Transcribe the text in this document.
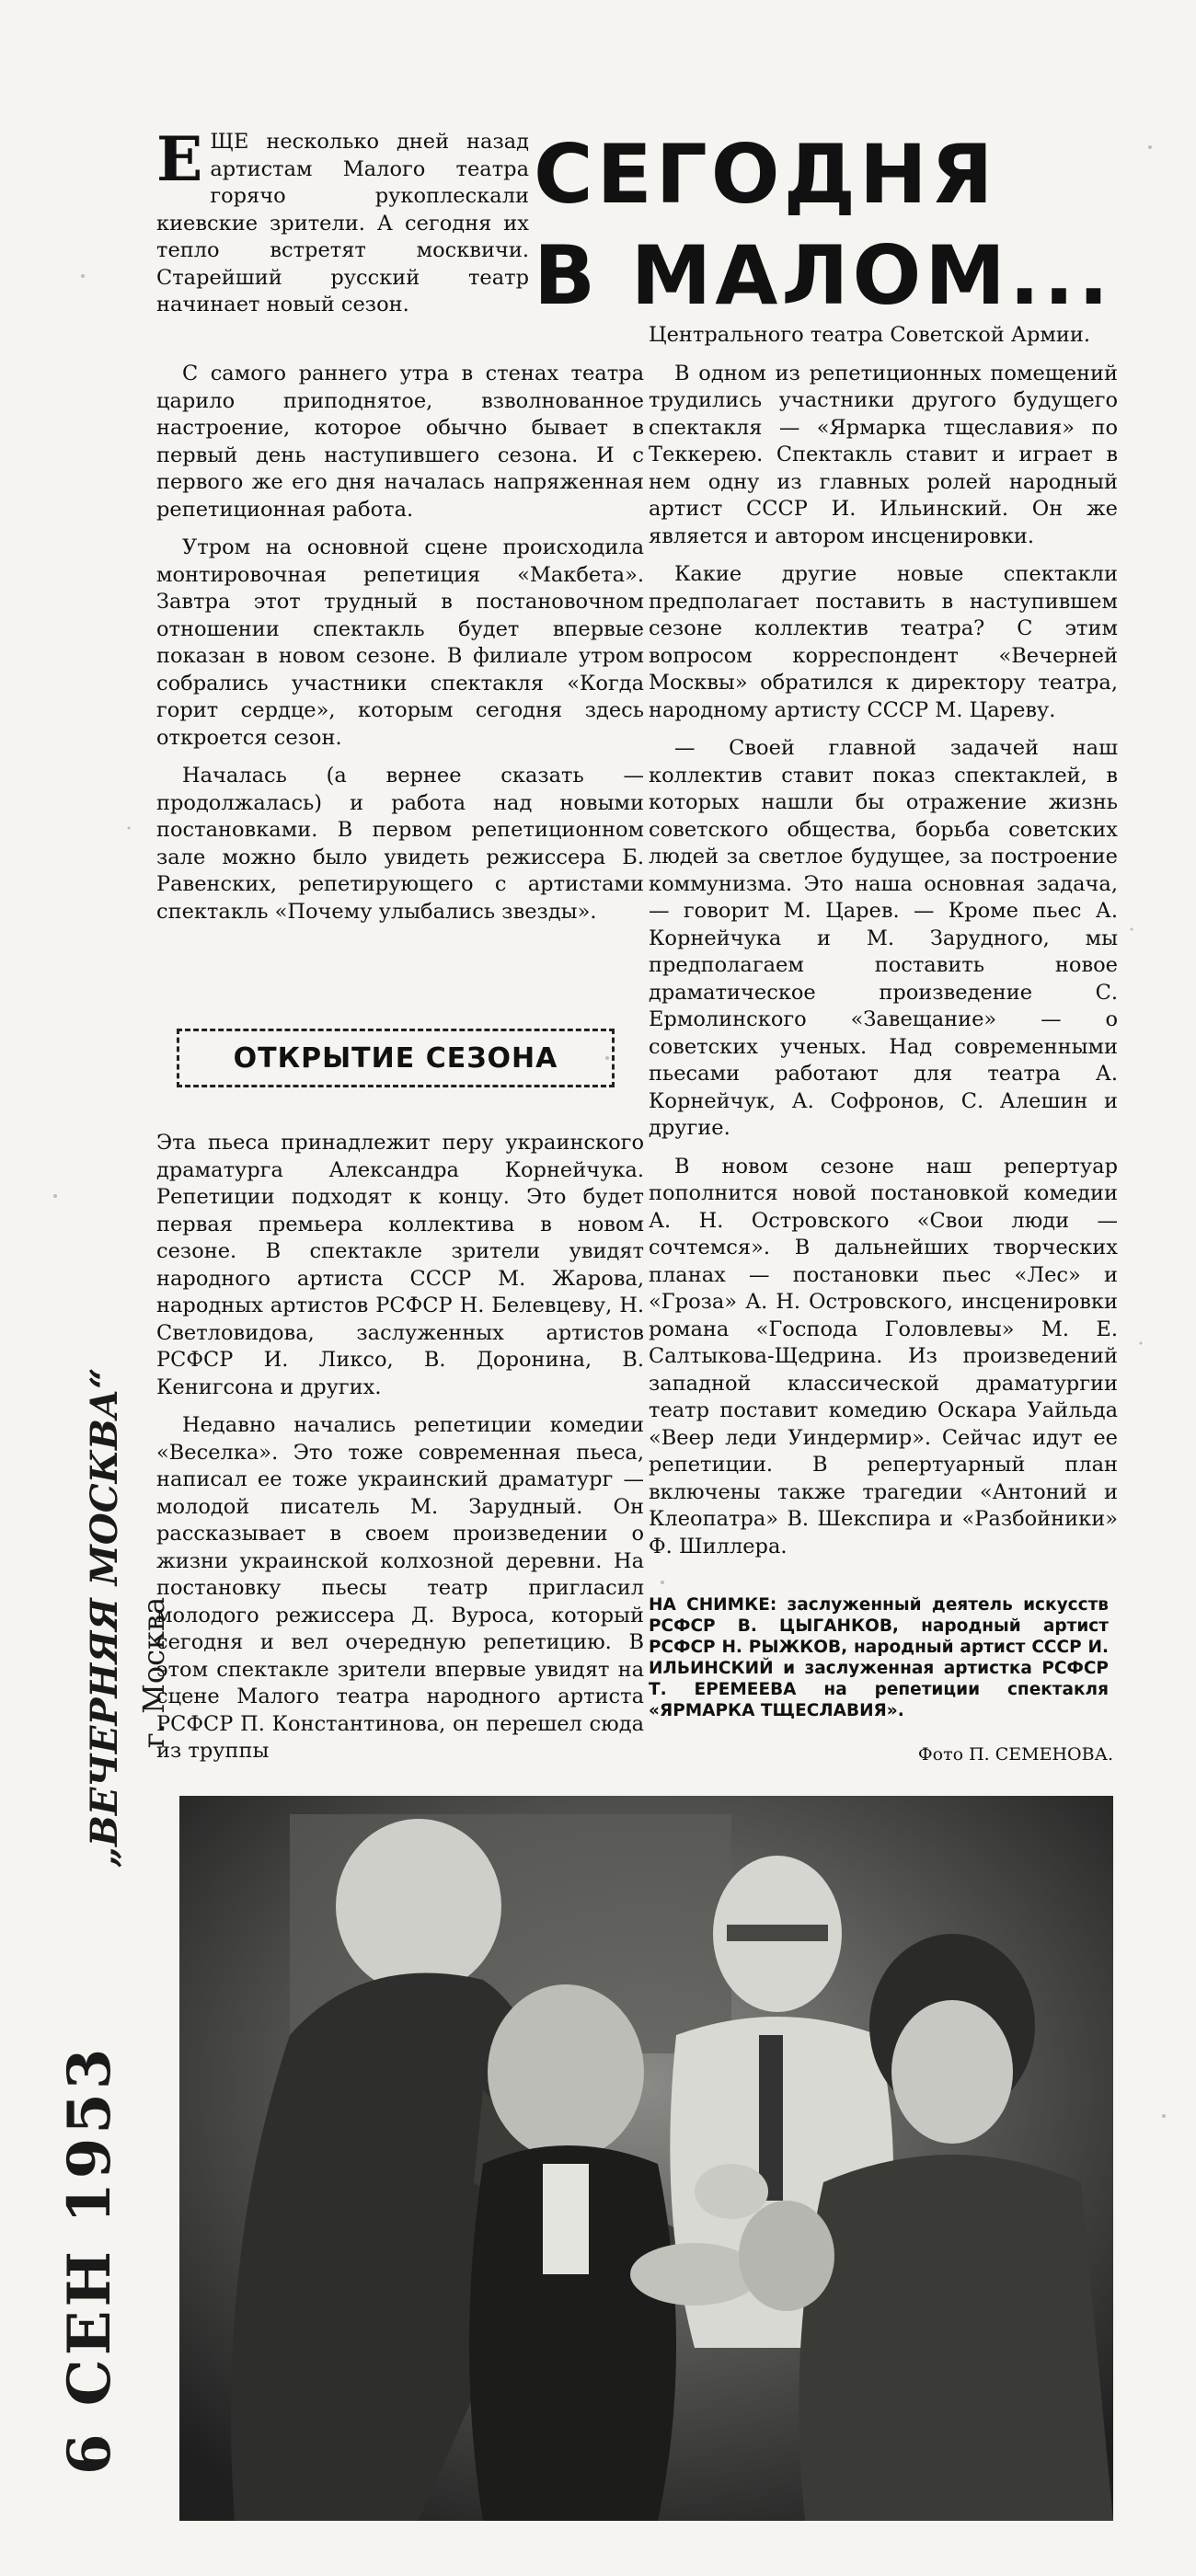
6 СЕН 1953
„ВЕЧЕРНЯЯ МОСКВА“ г. Москва
СЕГОДНЯ
В МАЛОМ...

ЕЩЕ несколько дней назад артистам Малого театра горячо рукоплескали киевские зрители. А сегодня их тепло встретят москвичи. Старейший русский театр начинает новый сезон.

С самого раннего утра в стенах театра царило приподнятое, взволнованное настроение, которое обычно бывает в первый день наступившего сезона. И с первого же его дня началась напряженная репетиционная работа.

Утром на основной сцене происходила монтировочная репетиция «Макбета». Завтра этот трудный в постановочном отношении спектакль будет впервые показан в новом сезоне. В филиале утром собрались участники спектакля «Когда горит сердце», которым сегодня здесь откроется сезон.

Началась (а вернее сказать — продолжалась) и работа над новыми постановками. В первом репетиционном зале можно было увидеть режиссера Б. Равенских, репетирующего с артистами спектакль «Почему улыбались звезды».

ОТКРЫТИЕ СЕЗОНА

Эта пьеса принадлежит перу украинского драматурга Александра Корнейчука. Репетиции подходят к концу. Это будет первая премьера коллектива в новом сезоне. В спектакле зрители увидят народного артиста СССР М. Жарова, народных артистов РСФСР Н. Белевцеву, Н. Светловидова, заслуженных артистов РСФСР И. Ликсо, В. Доронина, В. Кенигсона и других.

Недавно начались репетиции комедии «Веселка». Это тоже современная пьеса, написал ее тоже украинский драматург — молодой писатель М. Зарудный. Он рассказывает в своем произведении о жизни украинской колхозной деревни. На постановку пьесы театр пригласил молодого режиссера Д. Вуроса, который сегодня и вел очередную репетицию. В этом спектакле зрители впервые увидят на сцене Малого театра народного артиста РСФСР П. Константинова, он перешел сюда из труппы

Центрального театра Советской Армии.

В одном из репетиционных помещений трудились участники другого будущего спектакля — «Ярмарка тщеславия» по Теккерею. Спектакль ставит и играет в нем одну из главных ролей народный артист СССР И. Ильинский. Он же является и автором инсценировки.

Какие другие новые спектакли предполагает поставить в наступившем сезоне коллектив театра? С этим вопросом корреспондент «Вечерней Москвы» обратился к директору театра, народному артисту СССР М. Цареву.

— Своей главной задачей наш коллектив ставит показ спектаклей, в которых нашли бы отражение жизнь советского общества, борьба советских людей за светлое будущее, за построение коммунизма. Это наша основная задача, — говорит М. Царев. — Кроме пьес А. Корнейчука и М. Зарудного, мы предполагаем поставить новое драматическое произведение С. Ермолинского «Завещание» — о советских ученых. Над современными пьесами работают для театра А. Корнейчук, А. Софронов, С. Алешин и другие.

В новом сезоне наш репертуар пополнится новой постановкой комедии А. Н. Островского «Свои люди — сочтемся». В дальнейших творческих планах — постановки пьес «Лес» и «Гроза» А. Н. Островского, инсценировки романа «Господа Головлевы» М. Е. Салтыкова-Щедрина. Из произведений западной классической драматургии театр поставит комедию Оскара Уайльда «Веер леди Уиндермир». Сейчас идут ее репетиции. В репертуарный план включены также трагедии «Антоний и Клеопатра» В. Шекспира и «Разбойники» Ф. Шиллера.

НА СНИМКЕ: заслуженный деятель искусств РСФСР В. ЦЫГАНКОВ, народный артист РСФСР Н. РЫЖКОВ, народный артист СССР И. ИЛЬИНСКИЙ и заслуженная артистка РСФСР Т. ЕРЕМЕЕВА на репетиции спектакля «ЯРМАРКА ТЩЕСЛАВИЯ».
Фото П. СЕМЕНОВА.
